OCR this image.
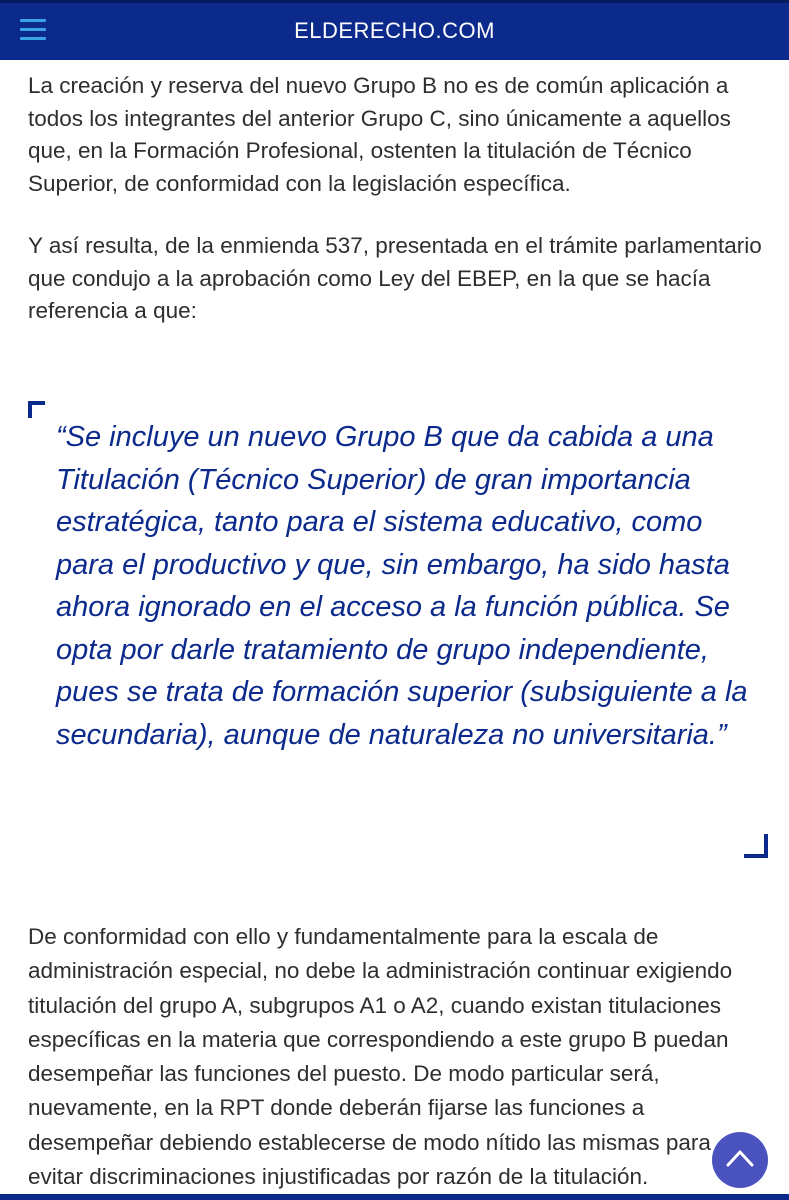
ELDERECHO.COM

La creación y reserva del nuevo Grupo B no es de común aplicación a todos los integrantes del anterior Grupo C, sino únicamente a aquellos que, en la Formación Profesional, ostenten la titulación de Técnico Superior, de conformidad con la legislación específica.

Y así resulta, de la enmienda 537, presentada en el trámite parlamentario que condujo a la aprobación como Ley del EBEP, en la que se hacía referencia a que:

“Se incluye un nuevo Grupo B que da cabida a una Titulación (Técnico Superior) de gran importancia estratégica, tanto para el sistema educativo, como para el productivo y que, sin embargo, ha sido hasta ahora ignorado en el acceso a la función pública. Se opta por darle tratamiento de grupo independiente, pues se trata de formación superior (subsiguiente a la secundaria), aunque de naturaleza no universitaria.”

De conformidad con ello y fundamentalmente para la escala de administración especial, no debe la administración continuar exigiendo titulación del grupo A, subgrupos A1 o A2, cuando existan titulaciones específicas en la materia que correspondiendo a este grupo B puedan desempeñar las funciones del puesto. De modo particular será, nuevamente, en la RPT donde deberán fijarse las funciones a desempeñar debiendo establecerse de modo nítido las mismas para evitar discriminaciones injustificadas por razón de la titulación.
